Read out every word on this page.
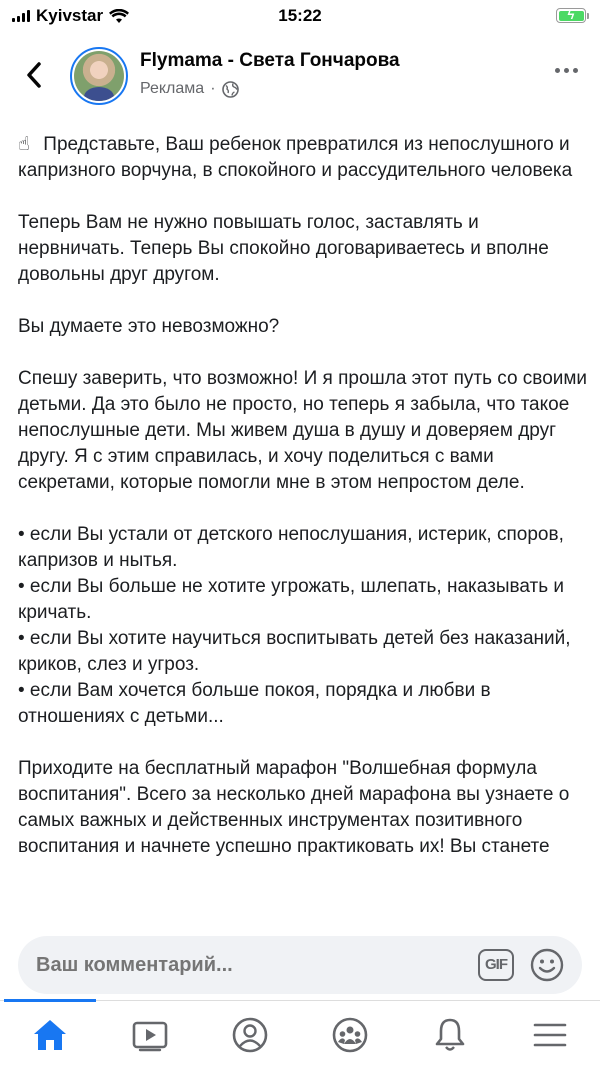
Kyivstar	15:22
ϟ
Flymama - Света Гончарова
Реклама ·

☝ Представьте, Ваш ребенок превратился из непослушного и капризного ворчуна, в спокойного и рассудительного человека

Теперь Вам не нужно повышать голос, заставлять и нервничать. Теперь Вы спокойно договариваетесь и вполне довольны друг другом.

Вы думаете это невозможно?

Спешу заверить, что возможно! И я прошла этот путь со своими детьми. Да это было не просто, но теперь я забыла, что такое непослушные дети. Мы живем душа в душу и доверяем друг другу. Я с этим справилась, и хочу поделиться с вами секретами, которые помогли мне в этом непростом деле.

• если Вы устали от детского непослушания, истерик, споров, капризов и нытья.
• если Вы больше не хотите угрожать, шлепать, наказывать и кричать.
• если Вы хотите научиться воспитывать детей без наказаний, криков, слез и угроз.
• если Вам хочется больше покоя, порядка и любви в отношениях с детьми...

Приходите на бесплатный марафон "Волшебная формула воспитания". Всего за несколько дней марафона вы узнаете о самых важных и действенных инструментах позитивного воспитания и начнете успешно практиковать их! Вы станете

Ваш комментарий...
GIF
